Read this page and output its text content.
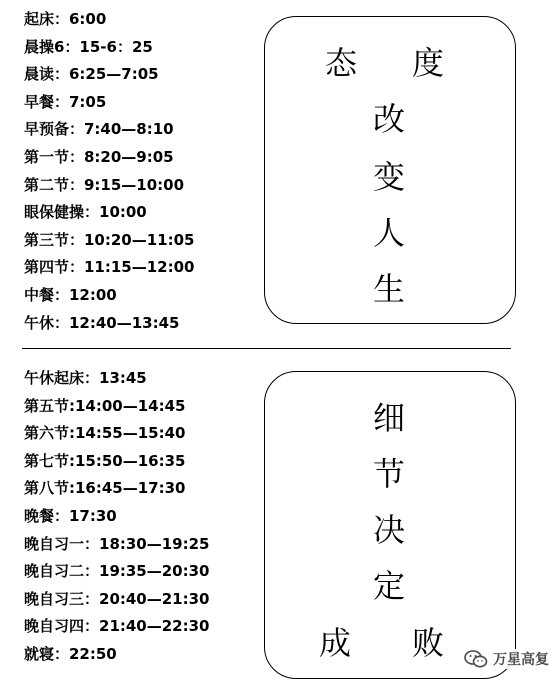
起床：6:00
晨操6：15-6：25
晨读：6:25—7:05
早餐：7:05
早预备：7:40—8:10
第一节：8:20—9:05
第二节：9:15—10:00
眼保健操：10:00
第三节：10:20—11:05
第四节：11:15—12:00
中餐：12:00
午休：12:40—13:45
态 度
改
变
人
生
午休起床：13:45
第五节:14:00—14:45
第六节:14:55—15:40
第七节:15:50—16:35
第八节:16:45—17:30
晚餐：17:30
晚自习一：18:30—19:25
晚自习二：19:35—20:30
晚自习三：20:40—21:30
晚自习四：21:40—22:30
就寝：22:50
细
节
决
定
成 败	万星高复
